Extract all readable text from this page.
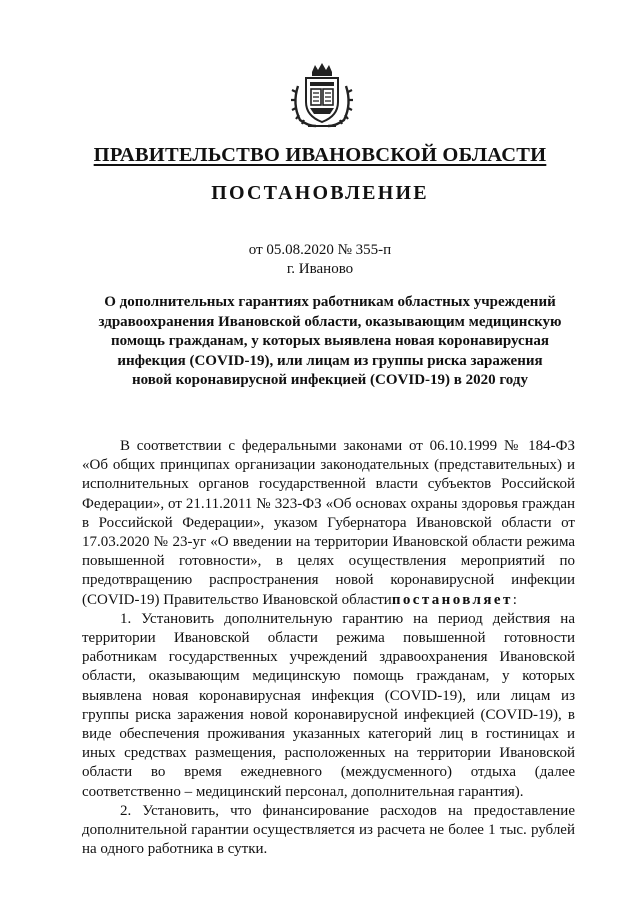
ПРАВИТЕЛЬСТВО ИВАНОВСКОЙ ОБЛАСТИ
ПОСТАНОВЛЕНИЕ
от 05.08.2020 № 355-п
г. Иваново
О дополнительных гарантиях работникам областных учреждений здравоохранения Ивановской области, оказывающим медицинскую помощь гражданам, у которых выявлена новая коронавирусная инфекция (COVID-19), или лицам из группы риска заражения новой коронавирусной инфекцией (COVID-19) в 2020 году

В соответствии с федеральными законами от 06.10.1999 № 184-ФЗ «Об общих принципах организации законодательных (представительных) и исполнительных органов государственной власти субъектов Российской Федерации», от 21.11.2011 № 323-ФЗ «Об основах охраны здоровья граждан в Российской Федерации», указом Губернатора Ивановской области от 17.03.2020 № 23-уг «О введении на территории Ивановской области режима повышенной готовности», в целях осуществления мероприятий по предотвращению распространения новой коронавирусной инфекции (COVID-19) Правительство Ивановской областипостановляет:

1. Установить дополнительную гарантию на период действия на территории Ивановской области режима повышенной готовности работникам государственных учреждений здравоохранения Ивановской области, оказывающим медицинскую помощь гражданам, у которых выявлена новая коронавирусная инфекция (COVID-19), или лицам из группы риска заражения новой коронавирусной инфекцией (COVID-19), в виде обеспечения проживания указанных категорий лиц в гостиницах и иных средствах размещения, расположенных на территории Ивановской области во время ежедневного (междусменного) отдыха (далее соответственно – медицинский персонал, дополнительная гарантия).

2. Установить, что финансирование расходов на предоставление дополнительной гарантии осуществляется из расчета не более 1 тыс. рублей на одного работника в сутки.
